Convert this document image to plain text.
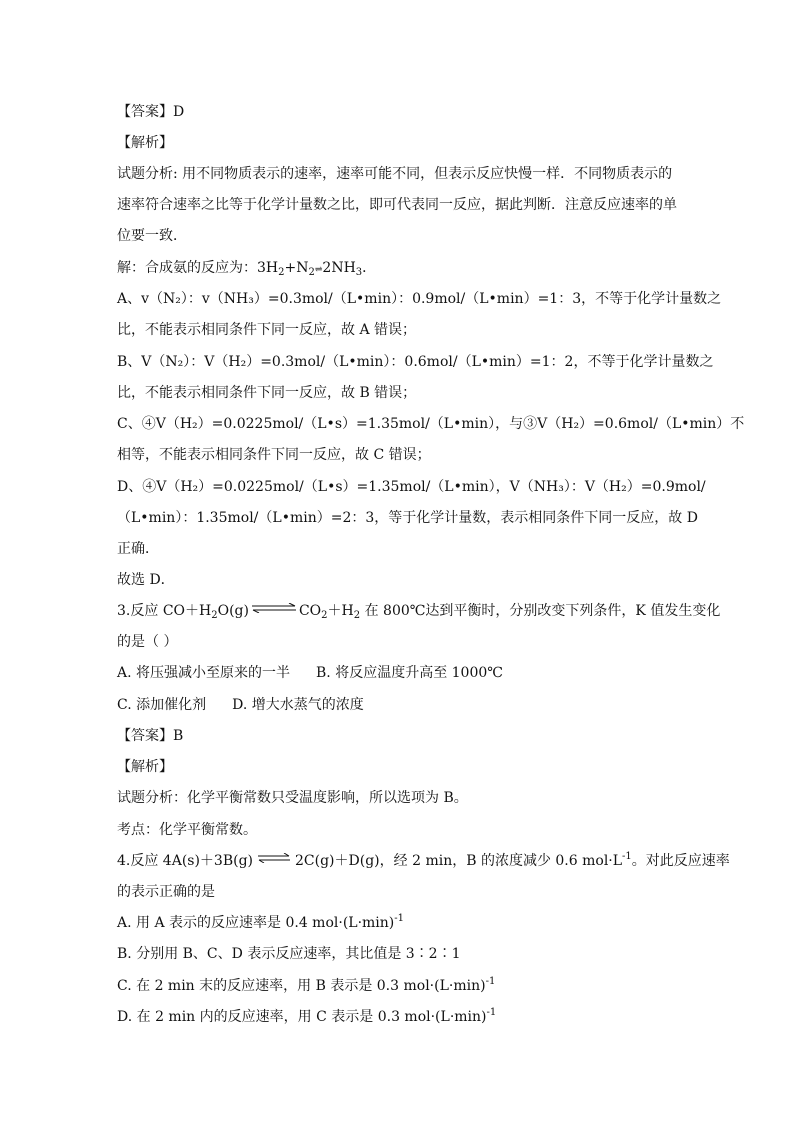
【答案】D
【解析】
试题分析: 用不同物质表示的速率，速率可能不同，但表示反应快慢一样．不同物质表示的
速率符合速率之比等于化学计量数之比，即可代表同一反应，据此判断．注意反应速率的单
位要一致．
解：合成氨的反应为：$3H_2+N_2\rightleftharpoons 2NH_3$．
A、v（N₂）：v（NH₃）=0.3mol/（L•min）：0.9mol/（L•min）=1：3，不等于化学计量数之
比，不能表示相同条件下同一反应，故 A 错误；
B、V（N₂）：V（H₂）=0.3mol/（L•min）：0.6mol/（L•min）=1：2，不等于化学计量数之
比，不能表示相同条件下同一反应，故 B 错误；
C、④V（H₂）=0.0225mol/（L•s）=1.35mol/（L•min），与③V（H₂）=0.6mol/（L•min）不
相等，不能表示相同条件下同一反应，故 C 错误；
D、④V（H₂）=0.0225mol/（L•s）=1.35mol/（L•min），V（NH₃）：V（H₂）=0.9mol/
（L•min）：1.35mol/（L•min）=2：3，等于化学计量数，表示相同条件下同一反应，故 D
正确．
故选 D．
3.反应 $CO+H_2O(g)$ ⇌ $CO_2+H_2$ 在 800℃达到平衡时，分别改变下列条件，K 值发生变化
的是（ ）
A. 将压强减小至原来的一半 B. 将反应温度升高至 1000℃
C. 添加催化剂 D. 增大水蒸气的浓度
【答案】B
【解析】
试题分析：化学平衡常数只受温度影响，所以选项为 B。
考点：化学平衡常数。
4.反应 4A(s)＋3B(g) ⇌ 2C(g)＋D(g)，经 2 min，B 的浓度减少 0.6 $mol\cdot L^{-1}$。对此反应速率
的表示正确的是
A. 用 A 表示的反应速率是 0.4 $mol\cdot(L\cdot\min)^{-1}$
B. 分别用 B、C、D 表示反应速率，其比值是 3∶2∶1
C. 在 2 min 末的反应速率，用 B 表示是 0.3 $mol\cdot(L\cdot\min)^{-1}$
D. 在 2 min 内的反应速率，用 C 表示是 0.3 $mol\cdot(L\cdot\min)^{-1}$
